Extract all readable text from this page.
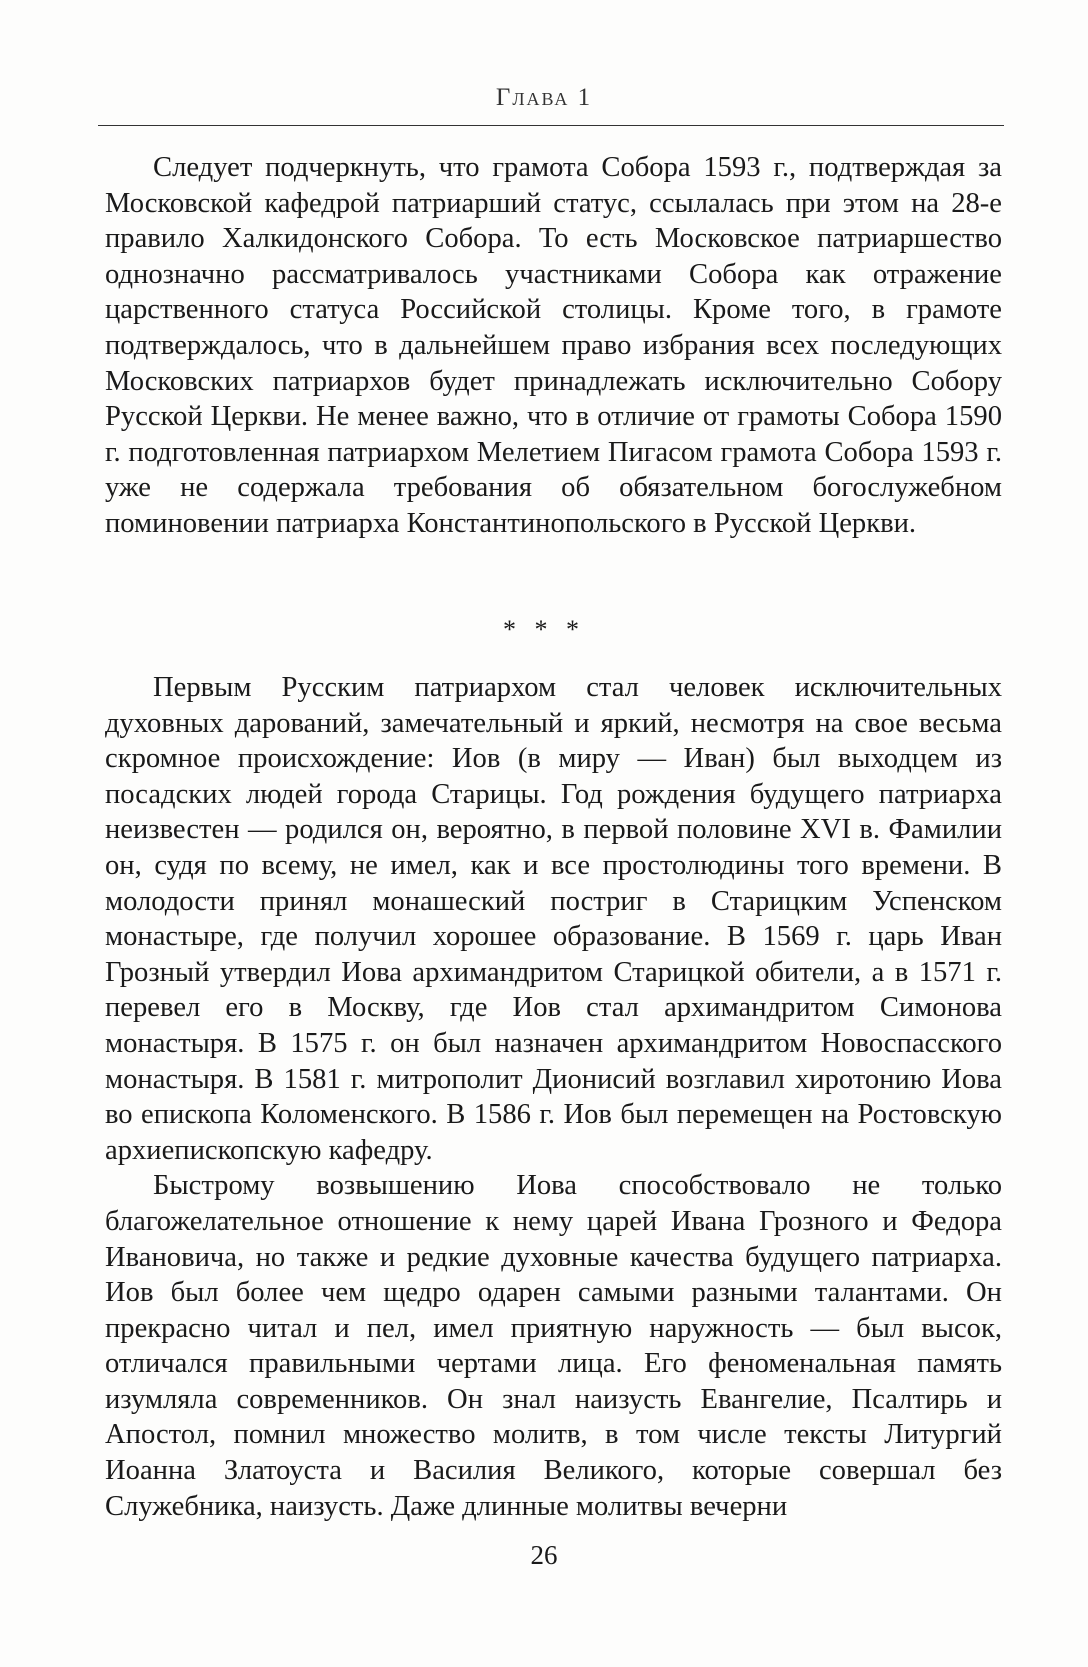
Глава 1

Следует подчеркнуть, что грамота Собора 1593 г., подтверждая за Московской кафедрой патриарший статус, ссылалась при этом на 28-е правило Халкидонского Собора. То есть Московское патриаршество однозначно рассматривалось участниками Собора как отражение царственного статуса Российской столицы. Кроме того, в грамоте подтверждалось, что в дальнейшем право избрания всех последующих Московских патриархов будет принадлежать исключительно Собору Русской Церкви. Не менее важно, что в отличие от грамоты Собора 1590 г. подготовленная патриархом Мелетием Пигасом грамота Собора 1593 г. уже не содержала требования об обязательном богослужебном поминовении патриарха Константинопольского в Русской Церкви.

* * *

Первым Русским патриархом стал человек исключительных духовных дарований, замечательный и яркий, несмотря на свое весьма скромное происхождение: Иов (в миру — Иван) был выходцем из посадских людей города Старицы. Год рождения будущего патриарха неизвестен — родился он, вероятно, в первой половине XVI в. Фамилии он, судя по всему, не имел, как и все простолюдины того времени. В молодости принял монашеский постриг в Старицким Успенском монастыре, где получил хорошее образование. В 1569 г. царь Иван Грозный утвердил Иова архимандритом Старицкой обители, а в 1571 г. перевел его в Москву, где Иов стал архимандритом Симонова монастыря. В 1575 г. он был назначен архимандритом Новоспасского монастыря. В 1581 г. митрополит Дионисий возглавил хиротонию Иова во епископа Коломенского. В 1586 г. Иов был перемещен на Ростовскую архиепископскую кафедру.

Быстрому возвышению Иова способствовало не только благожелательное отношение к нему царей Ивана Грозного и Федора Ивановича, но также и редкие духовные качества будущего патриарха. Иов был более чем щедро одарен самыми разными талантами. Он прекрасно читал и пел, имел приятную наружность — был высок, отличался правильными чертами лица. Его феноменальная память изумляла современников. Он знал наизусть Евангелие, Псалтирь и Апостол, помнил множество молитв, в том числе тексты Литургий Иоанна Златоуста и Василия Великого, которые совершал без Служебника, наизусть. Даже длинные молитвы вечерни

26
